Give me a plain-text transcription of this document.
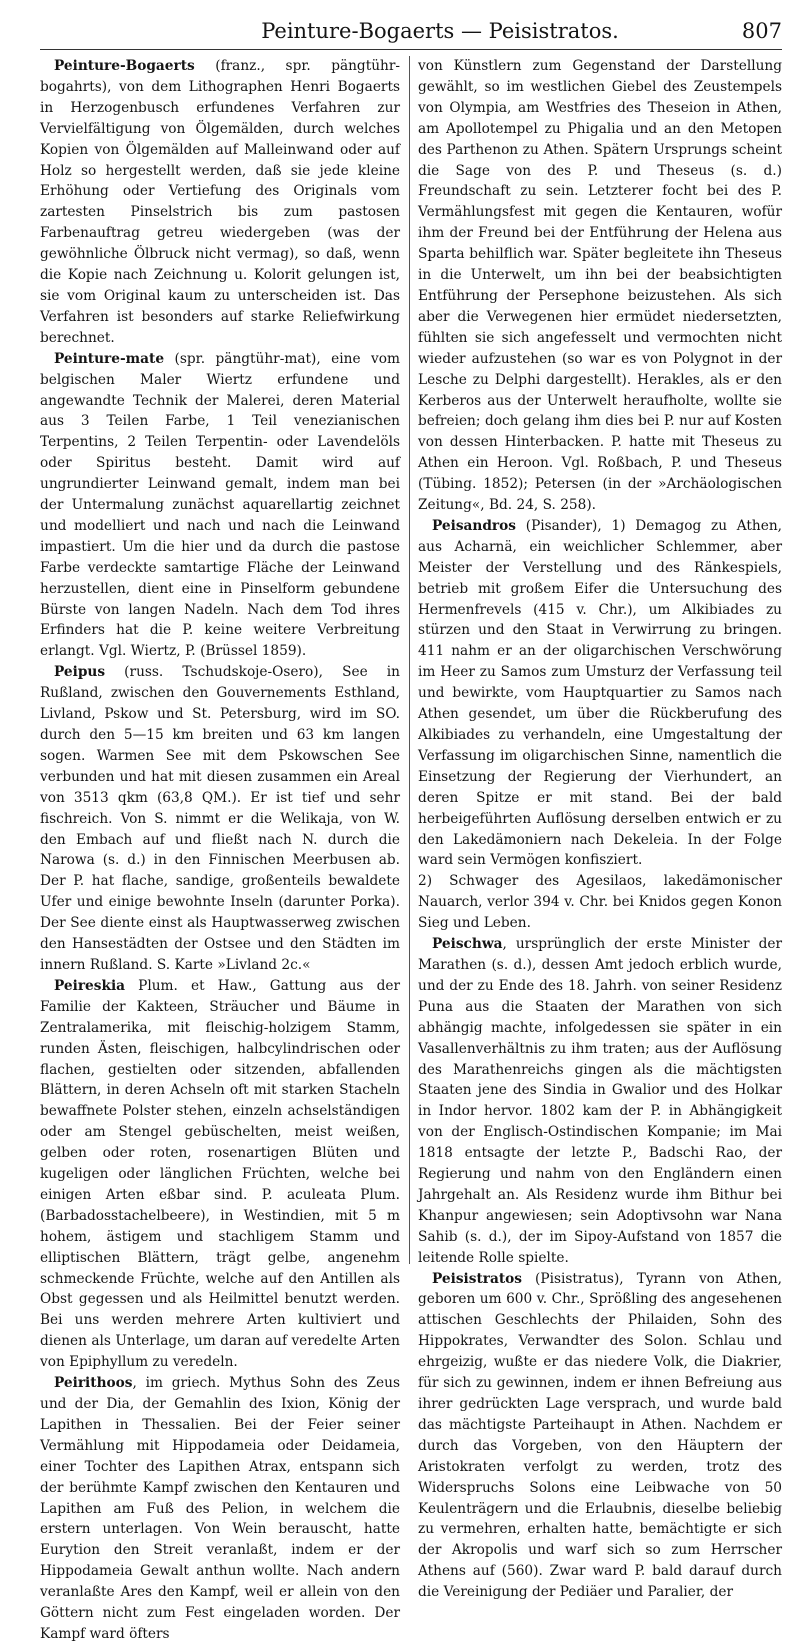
Peinture-Bogaerts — Peisistratos.	807

Peinture-Bogaerts (franz., spr. pängtühr-bogahrts), von dem Lithographen Henri Bogaerts in Herzogenbusch erfundenes Verfahren zur Vervielfältigung von Ölgemälden, durch welches Kopien von Ölgemälden auf Malleinwand oder auf Holz so hergestellt werden, daß sie jede kleine Erhöhung oder Vertiefung des Originals vom zartesten Pinselstrich bis zum pastosen Farbenauftrag getreu wiedergeben (was der gewöhnliche Ölbruck nicht vermag), so daß, wenn die Kopie nach Zeichnung u. Kolorit gelungen ist, sie vom Original kaum zu unterscheiden ist. Das Verfahren ist besonders auf starke Reliefwirkung berechnet.

Peinture-mate (spr. pängtühr-mat), eine vom belgischen Maler Wiertz erfundene und angewandte Technik der Malerei, deren Material aus 3 Teilen Farbe, 1 Teil venezianischen Terpentins, 2 Teilen Terpentin- oder Lavendelöls oder Spiritus besteht. Damit wird auf ungrundierter Leinwand gemalt, indem man bei der Untermalung zunächst aquarellartig zeichnet und modelliert und nach und nach die Leinwand impastiert. Um die hier und da durch die pastose Farbe verdeckte samtartige Fläche der Leinwand herzustellen, dient eine in Pinselform gebundene Bürste von langen Nadeln. Nach dem Tod ihres Erfinders hat die P. keine weitere Verbreitung erlangt. Vgl. Wiertz, P. (Brüssel 1859).

Peipus (russ. Tschudskoje-Osero), See in Rußland, zwischen den Gouvernements Esthland, Livland, Pskow und St. Petersburg, wird im SO. durch den 5—15 km breiten und 63 km langen sogen. Warmen See mit dem Pskowschen See verbunden und hat mit diesen zusammen ein Areal von 3513 qkm (63,8 QM.). Er ist tief und sehr fischreich. Von S. nimmt er die Welikaja, von W. den Embach auf und fließt nach N. durch die Narowa (s. d.) in den Finnischen Meerbusen ab. Der P. hat flache, sandige, großenteils bewaldete Ufer und einige bewohnte Inseln (darunter Porka). Der See diente einst als Hauptwasserweg zwischen den Hansestädten der Ostsee und den Städten im innern Rußland. S. Karte »Livland 2c.«

Peireskia Plum. et Haw., Gattung aus der Familie der Kakteen, Sträucher und Bäume in Zentralamerika, mit fleischig-holzigem Stamm, runden Ästen, fleischigen, halbcylindrischen oder flachen, gestielten oder sitzenden, abfallenden Blättern, in deren Achseln oft mit starken Stacheln bewaffnete Polster stehen, einzeln achselständigen oder am Stengel gebüschelten, meist weißen, gelben oder roten, rosenartigen Blüten und kugeligen oder länglichen Früchten, welche bei einigen Arten eßbar sind. P. aculeata Plum. (Barbadosstachelbeere), in Westindien, mit 5 m hohem, ästigem und stachligem Stamm und elliptischen Blättern, trägt gelbe, angenehm schmeckende Früchte, welche auf den Antillen als Obst gegessen und als Heilmittel benutzt werden. Bei uns werden mehrere Arten kultiviert und dienen als Unterlage, um daran auf veredelte Arten von Epiphyllum zu veredeln.

Peirithoos, im griech. Mythus Sohn des Zeus und der Dia, der Gemahlin des Ixion, König der Lapithen in Thessalien. Bei der Feier seiner Vermählung mit Hippodameia oder Deidameia, einer Tochter des Lapithen Atrax, entspann sich der berühmte Kampf zwischen den Kentauren und Lapithen am Fuß des Pelion, in welchem die erstern unterlagen. Von Wein berauscht, hatte Eurytion den Streit veranlaßt, indem er der Hippodameia Gewalt anthun wollte. Nach andern veranlaßte Ares den Kampf, weil er allein von den Göttern nicht zum Fest eingeladen worden. Der Kampf ward öfters

von Künstlern zum Gegenstand der Darstellung gewählt, so im westlichen Giebel des Zeustempels von Olympia, am Westfries des Theseion in Athen, am Apollotempel zu Phigalia und an den Metopen des Parthenon zu Athen. Spätern Ursprungs scheint die Sage von des P. und Theseus (s. d.) Freundschaft zu sein. Letzterer focht bei des P. Vermählungsfest mit gegen die Kentauren, wofür ihm der Freund bei der Entführung der Helena aus Sparta behilflich war. Später begleitete ihn Theseus in die Unterwelt, um ihn bei der beabsichtigten Entführung der Persephone beizustehen. Als sich aber die Verwegenen hier ermüdet niedersetzten, fühlten sie sich angefesselt und vermochten nicht wieder aufzustehen (so war es von Polygnot in der Lesche zu Delphi dargestellt). Herakles, als er den Kerberos aus der Unterwelt heraufholte, wollte sie befreien; doch gelang ihm dies bei P. nur auf Kosten von dessen Hinterbacken. P. hatte mit Theseus zu Athen ein Heroon. Vgl. Roßbach, P. und Theseus (Tübing. 1852); Petersen (in der »Archäologischen Zeitung«, Bd. 24, S. 258).

Peisandros (Pisander), 1) Demagog zu Athen, aus Acharnä, ein weichlicher Schlemmer, aber Meister der Verstellung und des Ränkespiels, betrieb mit großem Eifer die Untersuchung des Hermenfrevels (415 v. Chr.), um Alkibiades zu stürzen und den Staat in Verwirrung zu bringen. 411 nahm er an der oligarchischen Verschwörung im Heer zu Samos zum Umsturz der Verfassung teil und bewirkte, vom Hauptquartier zu Samos nach Athen gesendet, um über die Rückberufung des Alkibiades zu verhandeln, eine Umgestaltung der Verfassung im oligarchischen Sinne, namentlich die Einsetzung der Regierung der Vierhundert, an deren Spitze er mit stand. Bei der bald herbeigeführten Auflösung derselben entwich er zu den Lakedämoniern nach Dekeleia. In der Folge ward sein Vermögen konfisziert.

2) Schwager des Agesilaos, lakedämonischer Nauarch, verlor 394 v. Chr. bei Knidos gegen Konon Sieg und Leben.

Peischwa, ursprünglich der erste Minister der Marathen (s. d.), dessen Amt jedoch erblich wurde, und der zu Ende des 18. Jahrh. von seiner Residenz Puna aus die Staaten der Marathen von sich abhängig machte, infolgedessen sie später in ein Vasallenverhältnis zu ihm traten; aus der Auflösung des Marathenreichs gingen als die mächtigsten Staaten jene des Sindia in Gwalior und des Holkar in Indor hervor. 1802 kam der P. in Abhängigkeit von der Englisch-Ostindischen Kompanie; im Mai 1818 entsagte der letzte P., Badschi Rao, der Regierung und nahm von den Engländern einen Jahrgehalt an. Als Residenz wurde ihm Bithur bei Khanpur angewiesen; sein Adoptivsohn war Nana Sahib (s. d.), der im Sipoy-Aufstand von 1857 die leitende Rolle spielte.

Peisistratos (Pisistratus), Tyrann von Athen, geboren um 600 v. Chr., Sprößling des angesehenen attischen Geschlechts der Philaiden, Sohn des Hippokrates, Verwandter des Solon. Schlau und ehrgeizig, wußte er das niedere Volk, die Diakrier, für sich zu gewinnen, indem er ihnen Befreiung aus ihrer gedrückten Lage versprach, und wurde bald das mächtigste Parteihaupt in Athen. Nachdem er durch das Vorgeben, von den Häuptern der Aristokraten verfolgt zu werden, trotz des Widerspruchs Solons eine Leibwache von 50 Keulenträgern und die Erlaubnis, dieselbe beliebig zu vermehren, erhalten hatte, bemächtigte er sich der Akropolis und warf sich so zum Herrscher Athens auf (560). Zwar ward P. bald darauf durch die Vereinigung der Pediäer und Paralier, der
